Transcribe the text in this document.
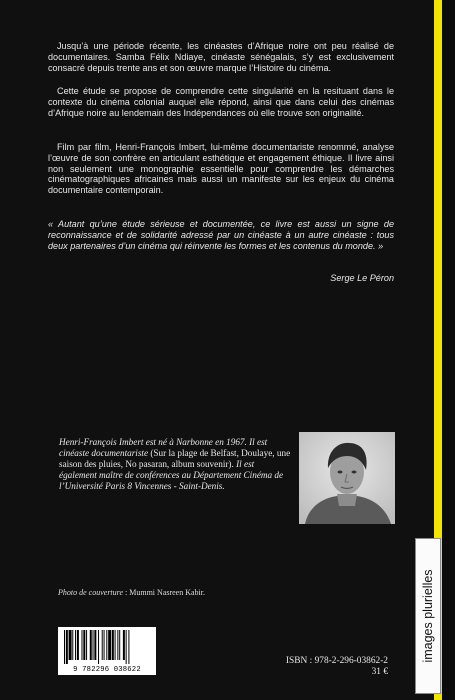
Jusqu’à une période récente, les cinéastes d’Afrique noire ont peu réalisé de documentaires. Samba Félix Ndiaye, cinéaste sénégalais, s’y est exclusivement consacré depuis trente ans et son œuvre marque l’Histoire du cinéma.

Cette étude se propose de comprendre cette singularité en la resituant dans le contexte du cinéma colonial auquel elle répond, ainsi que dans celui des cinémas d’Afrique noire au lendemain des Indépendances où elle trouve son originalité.

Film par film, Henri-François Imbert, lui-même documentariste renommé, analyse l’œuvre de son confrère en articulant esthétique et engagement éthique. Il livre ainsi non seulement une monographie essentielle pour comprendre les démarches cinématographiques africaines mais aussi un manifeste sur les enjeux du cinéma documentaire contemporain.

« Autant qu’une étude sérieuse et documentée, ce livre est aussi un signe de reconnaissance et de solidarité adressé par un cinéaste à un autre cinéaste : tous deux partenaires d’un cinéma qui réinvente les formes et les contenus du monde. »
Serge Le Péron
Henri-François Imbert est né à Narbonne en 1967. Il est cinéaste documentariste (Sur la plage de Belfast, Doulaye, une saison des pluies, No pasaran, album souvenir). Il est également maître de conférences au Département Cinéma de l’Université Paris 8 Vincennes - Saint-Denis.
images plurielles
Photo de couverture : Mummi Nasreen Kabir.
9 782296 038622
ISBN : 978-2-296-03862-2
31 €
